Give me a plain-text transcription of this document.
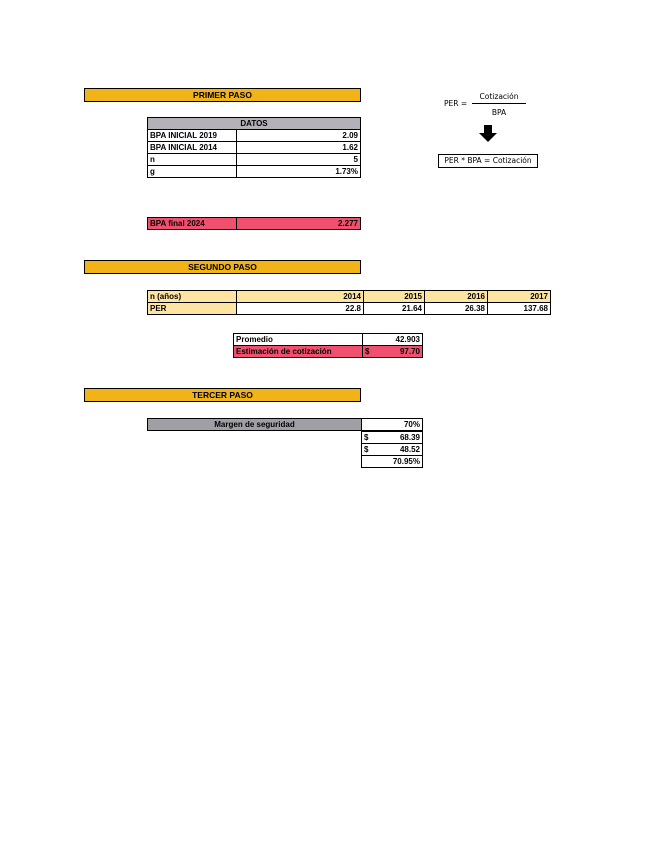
PRIMER PASO
DATOS	
BPA INICIAL 2019	2.09
BPA INICIAL 2014	1.62
n	5
g	1.73%
BPA final 2024	2.277
PER =
Cotización
BPA
PER * BPA = Cotización
SEGUNDO PASO
n (años)	2014	2015	2016	2017
PER	22.8	21.64	26.38	137.68
Promedio	42.903
Estimación de cotización	$ 97.70
TERCER PASO
Margen de seguridad	70%
$	68.39

$	48.52

70.95%
